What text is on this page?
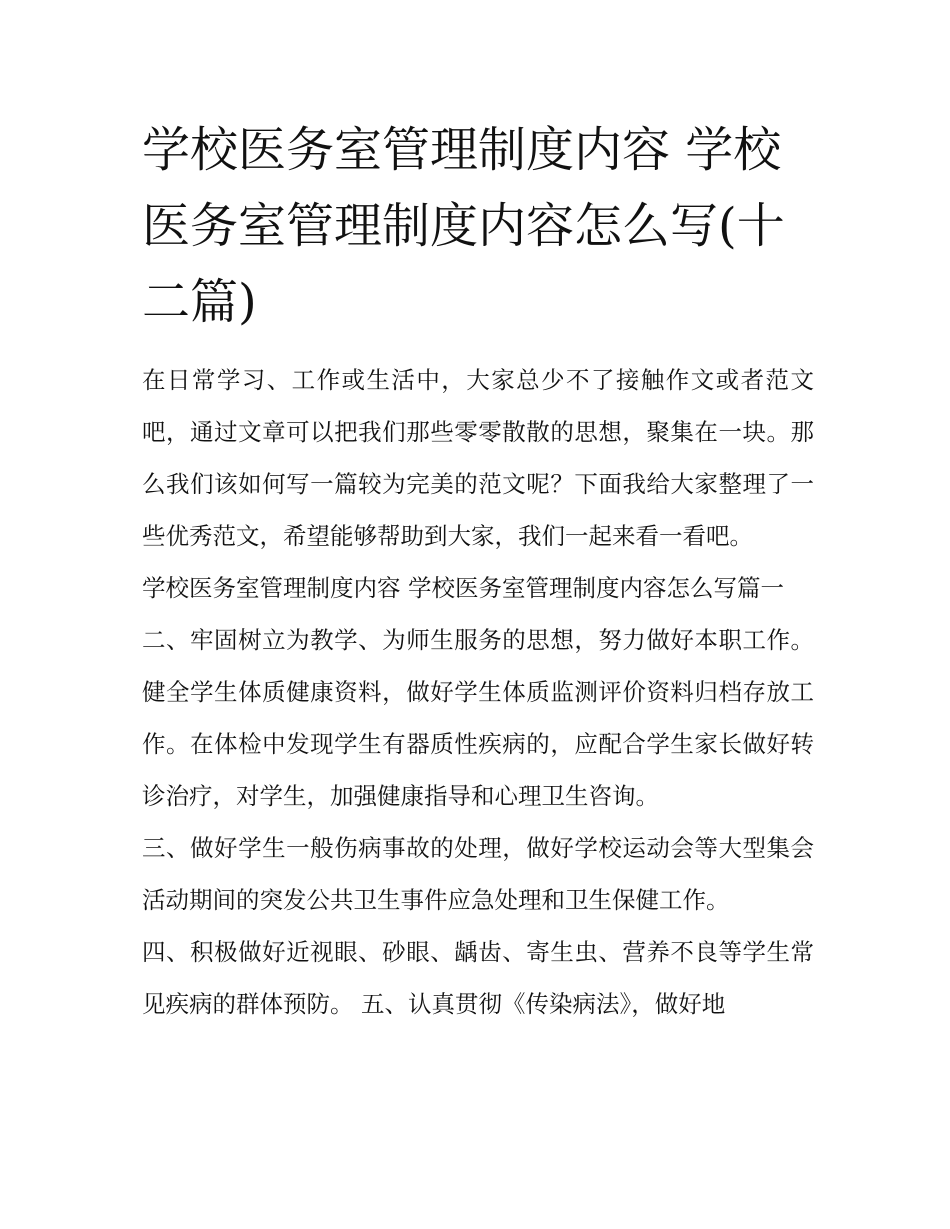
学校医务室管理制度内容 学校医务室管理制度内容怎么写(十二篇)

在日常学习、工作或生活中，大家总少不了接触作文或者范文吧，通过文章可以把我们那些零零散散的思想，聚集在一块。那么我们该如何写一篇较为完美的范文呢？下面我给大家整理了一些优秀范文，希望能够帮助到大家，我们一起来看一看吧。

学校医务室管理制度内容 学校医务室管理制度内容怎么写篇一

二、牢固树立为教学、为师生服务的思想，努力做好本职工作。健全学生体质健康资料，做好学生体质监测评价资料归档存放工作。在体检中发现学生有器质性疾病的，应配合学生家长做好转诊治疗，对学生，加强健康指导和心理卫生咨询。

三、做好学生一般伤病事故的处理，做好学校运动会等大型集会活动期间的突发公共卫生事件应急处理和卫生保健工作。

四、积极做好近视眼、砂眼、龋齿、寄生虫、营养不良等学生常见疾病的群体预防。 五、认真贯彻《传染病法》，做好地
